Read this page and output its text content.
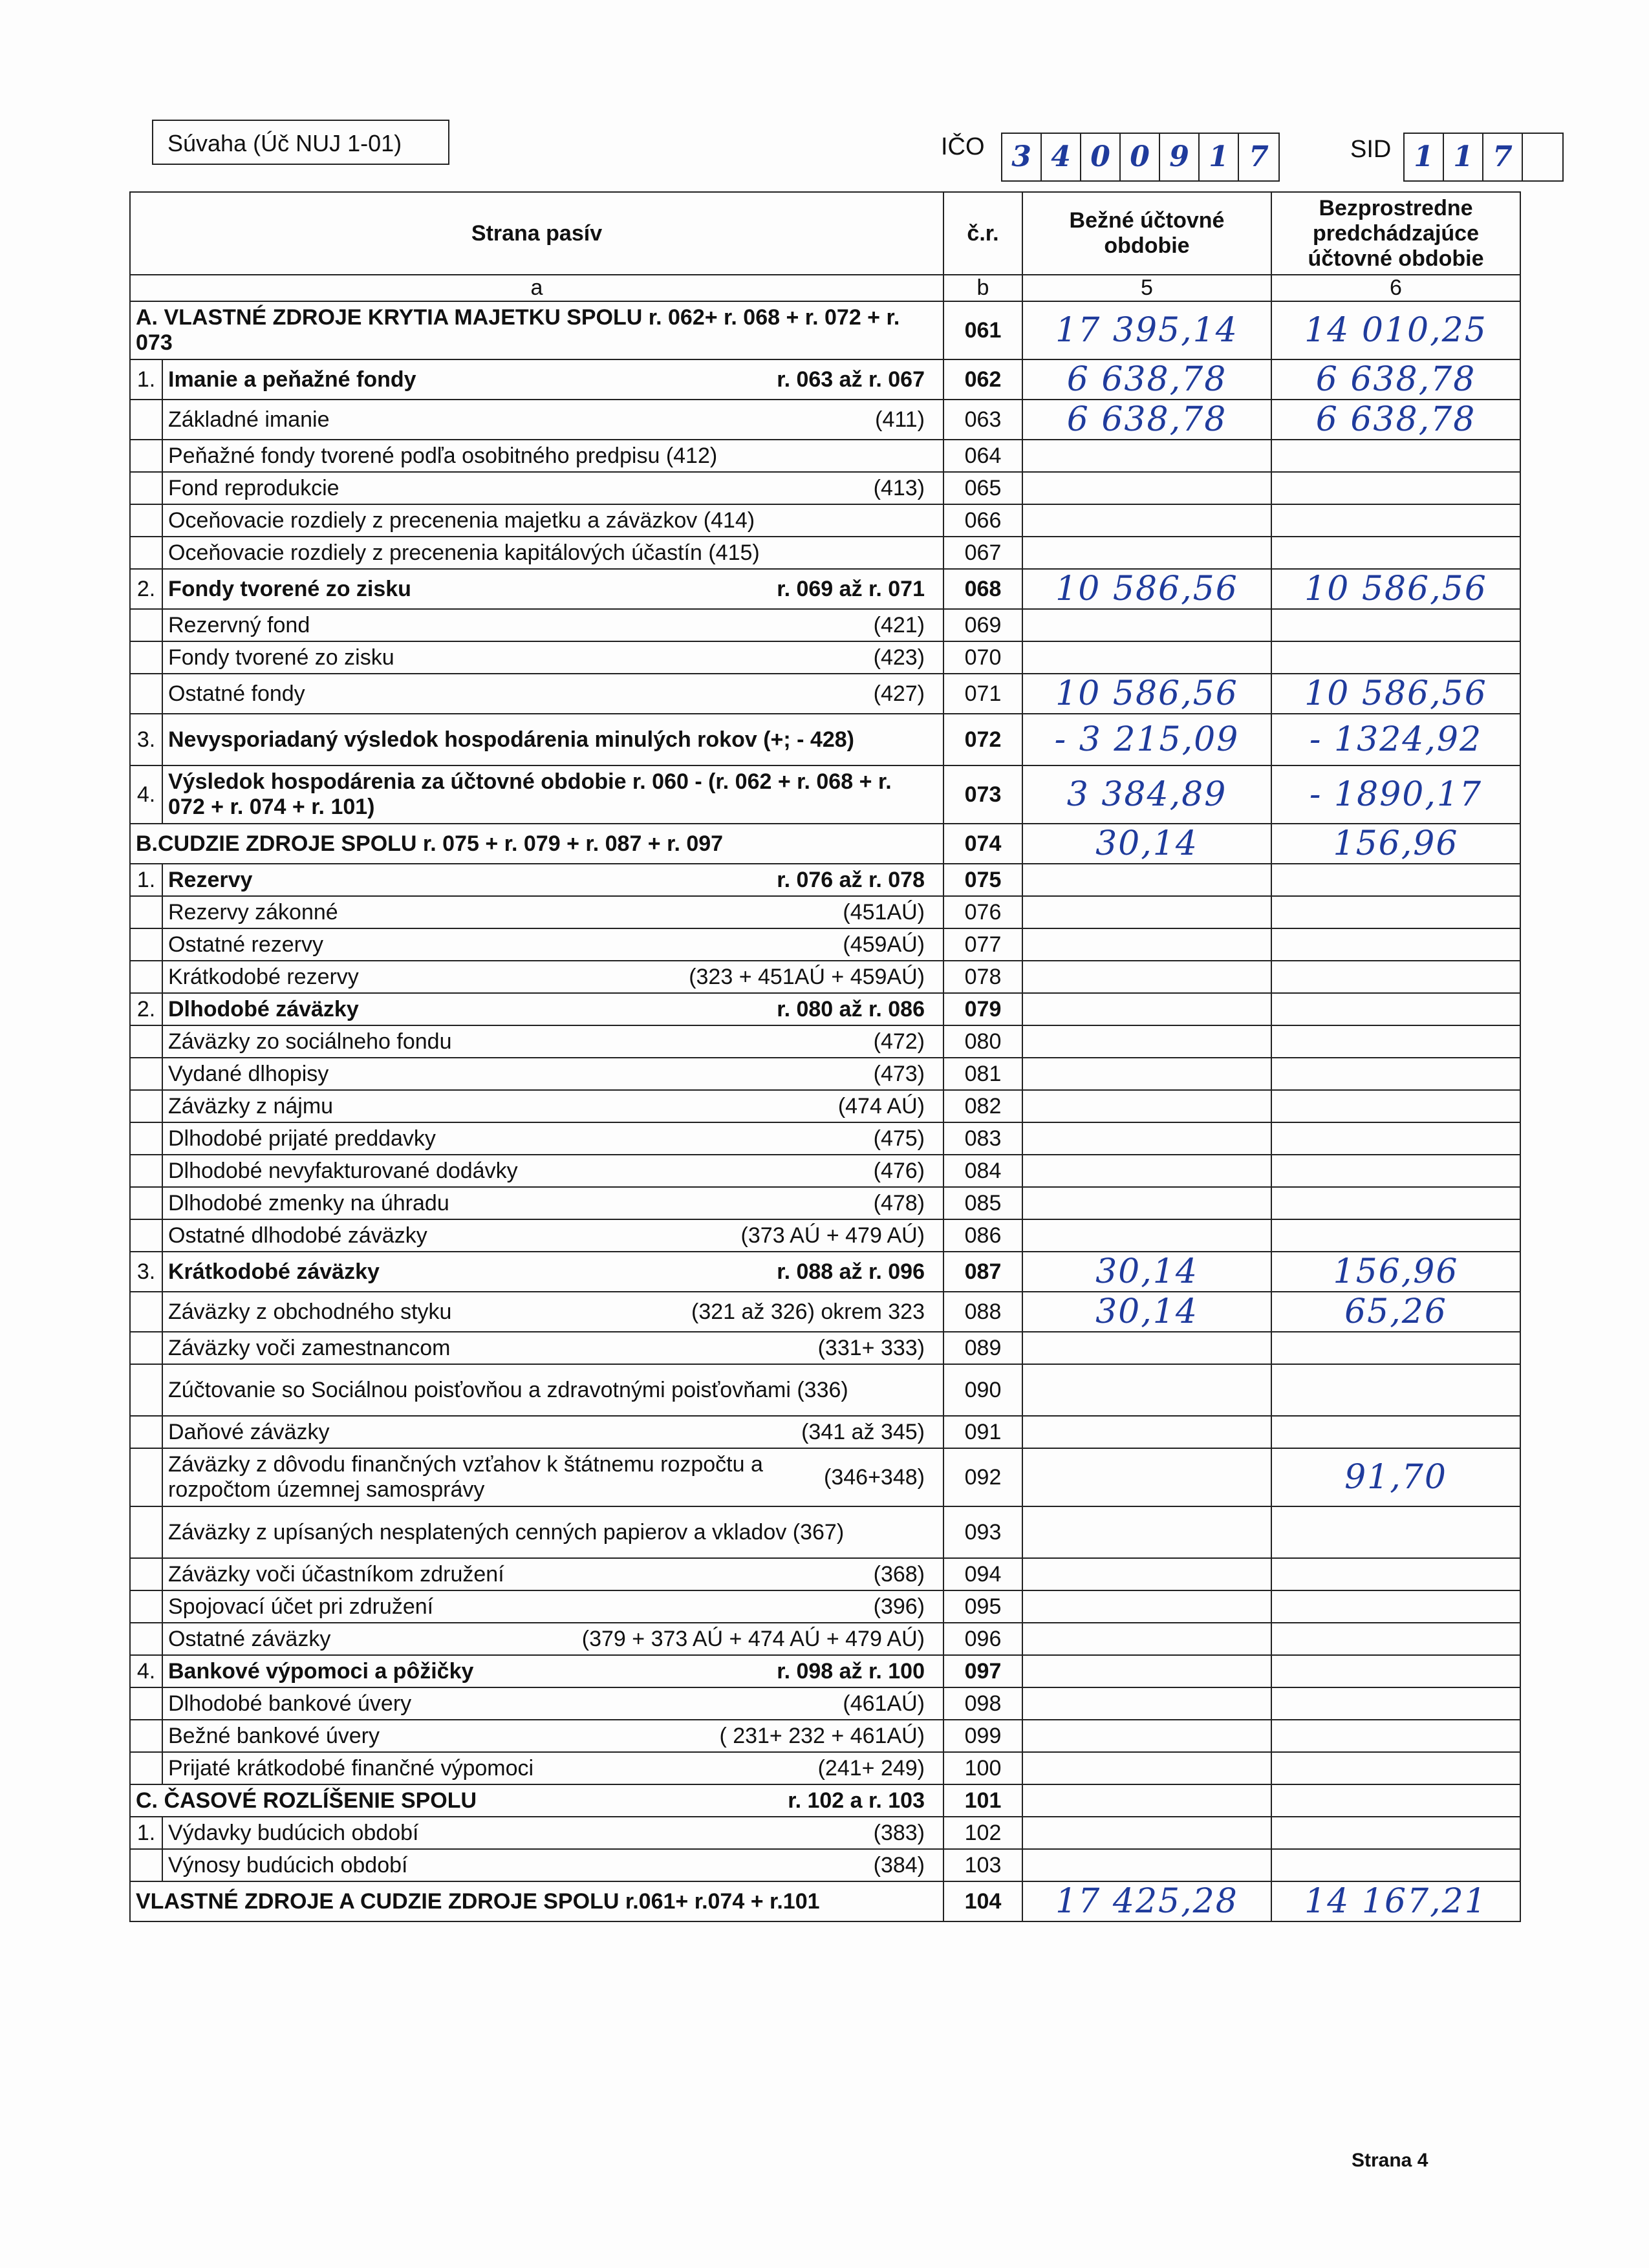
Súvaha (Úč NUJ 1-01)	IČO 3 4 0 0 9 1 7	SID 1 1 7
Strana pasív		č.r.	Bežné účtovné obdobie	Bezprostredne predchádzajúce účtovné obdobie
a		b	5	6

A. VLASTNÉ ZDROJE KRYTIA MAJETKU SPOLU r. 062+ r. 068 + r. 072 + r. 073		061	17 395,14	14 010,25
1.	Imanie a peňažné fondy r. 063 až r. 067	062	6 638,78	6 638,78

	Základné imanie (411)	063	6 638,78	6 638,78

	Peňažné fondy tvorené podľa osobitného predpisu (412)	064		

	Fond reprodukcie (413)	065		

	Oceňovacie rozdiely z precenenia majetku a záväzkov (414)	066		

	Oceňovacie rozdiely z precenenia kapitálových účastín (415)	067		
2.	Fondy tvorené zo zisku r. 069 až r. 071	068	10 586,56	10 586,56

	Rezervný fond (421)	069		

	Fondy tvorené zo zisku (423)	070		

	Ostatné fondy (427)	071	10 586,56	10 586,56
3.	Nevysporiadaný výsledok hospodárenia minulých rokov (+; - 428)	072	- 3 215,09	- 1324,92
4.	Výsledok hospodárenia za účtovné obdobie r. 060 - (r. 062 + r. 068 + r. 072 + r. 074 + r. 101)	073	3 384,89	- 1890,17

B.CUDZIE ZDROJE SPOLU r. 075 + r. 079 + r. 087 + r. 097		074	30,14	156,96
1.	Rezervy r. 076 až r. 078	075		

	Rezervy zákonné (451AÚ)	076		

	Ostatné rezervy (459AÚ)	077		

	Krátkodobé rezervy (323 + 451AÚ + 459AÚ)	078		
2.	Dlhodobé záväzky r. 080 až r. 086	079		

	Záväzky zo sociálneho fondu (472)	080		

	Vydané dlhopisy (473)	081		

	Záväzky z nájmu (474 AÚ)	082		

	Dlhodobé prijaté preddavky (475)	083		

	Dlhodobé nevyfakturované dodávky (476)	084		

	Dlhodobé zmenky na úhradu (478)	085		

	Ostatné dlhodobé záväzky (373 AÚ + 479 AÚ)	086		
3.	Krátkodobé záväzky r. 088 až r. 096	087	30,14	156,96

	Záväzky z obchodného styku (321 až 326) okrem 323	088	30,14	65,26

	Záväzky voči zamestnancom (331+ 333)	089		

	Zúčtovanie so Sociálnou poisťovňou a zdravotnými poisťovňami (336)	090		

	Daňové záväzky (341 až 345)	091		

	Záväzky z dôvodu finančných vzťahov k štátnemu rozpočtu a rozpočtom územnej samosprávy
(346+348)	092		91,70

	Záväzky z upísaných nesplatených cenných papierov a vkladov (367)	093		

	Záväzky voči účastníkom združení (368)	094		

	Spojovací účet pri združení (396)	095		

	Ostatné záväzky (379 + 373 AÚ + 474 AÚ + 479 AÚ)	096		
4.	Bankové výpomoci a pôžičky r. 098 až r. 100	097		

	Dlhodobé bankové úvery (461AÚ)	098		

	Bežné bankové úvery ( 231+ 232 + 461AÚ)	099		

	Prijaté krátkodobé finančné výpomoci (241+ 249)	100		

C. ČASOVÉ ROZLÍŠENIE SPOLU r. 102 a r. 103		101		
1.	Výdavky budúcich období (383)	102		

	Výnosy budúcich období (384)	103		

VLASTNÉ ZDROJE A CUDZIE ZDROJE SPOLU r.061+ r.074 + r.101		104	17 425,28	14 167,21
Strana 4
